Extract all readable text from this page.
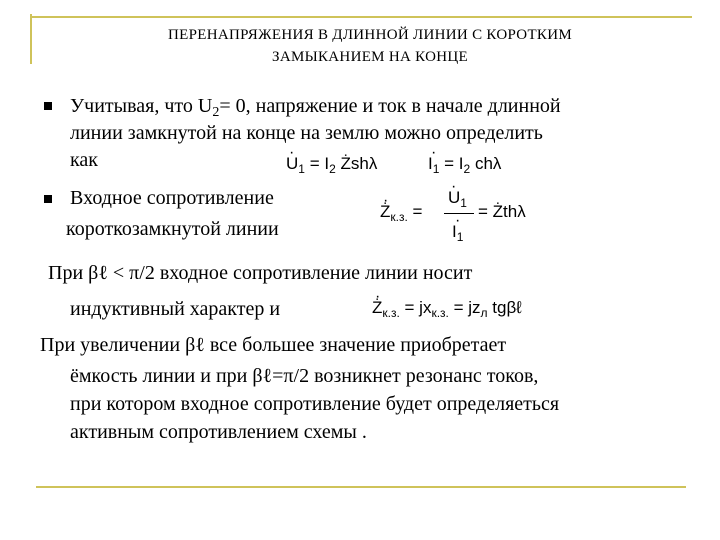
ПЕРЕНАПРЯЖЕНИЯ В ДЛИННОЙ ЛИНИИ С КОРОТКИМ
ЗАМЫКАНИЕМ НА КОНЦЕ
Учитывая, что $U_2= 0$, напряжение и ток в начале длинной
линии замкнутой на конце на землю можно определить
как	· $U_1 = I_2$ Żshλ	· $I_1 = I_2$ chλ
Входное сопротивление
короткозамкнутой линии
· $Ż_{к.з.}$ =
· $U_1$
· $I_1$
= Żthλ
При βℓ < π/2 входное сопротивление линии носит
индуктивный характер и	· $Ż_{к.з.} = jx_{к.з.} = jz_л$ tgβℓ
При увеличении βℓ все большее значение приобретает
ёмкость линии и при βℓ=π/2 возникнет резонанс токов,
при котором входное сопротивление будет определяеться
активным сопротивлением схемы .
